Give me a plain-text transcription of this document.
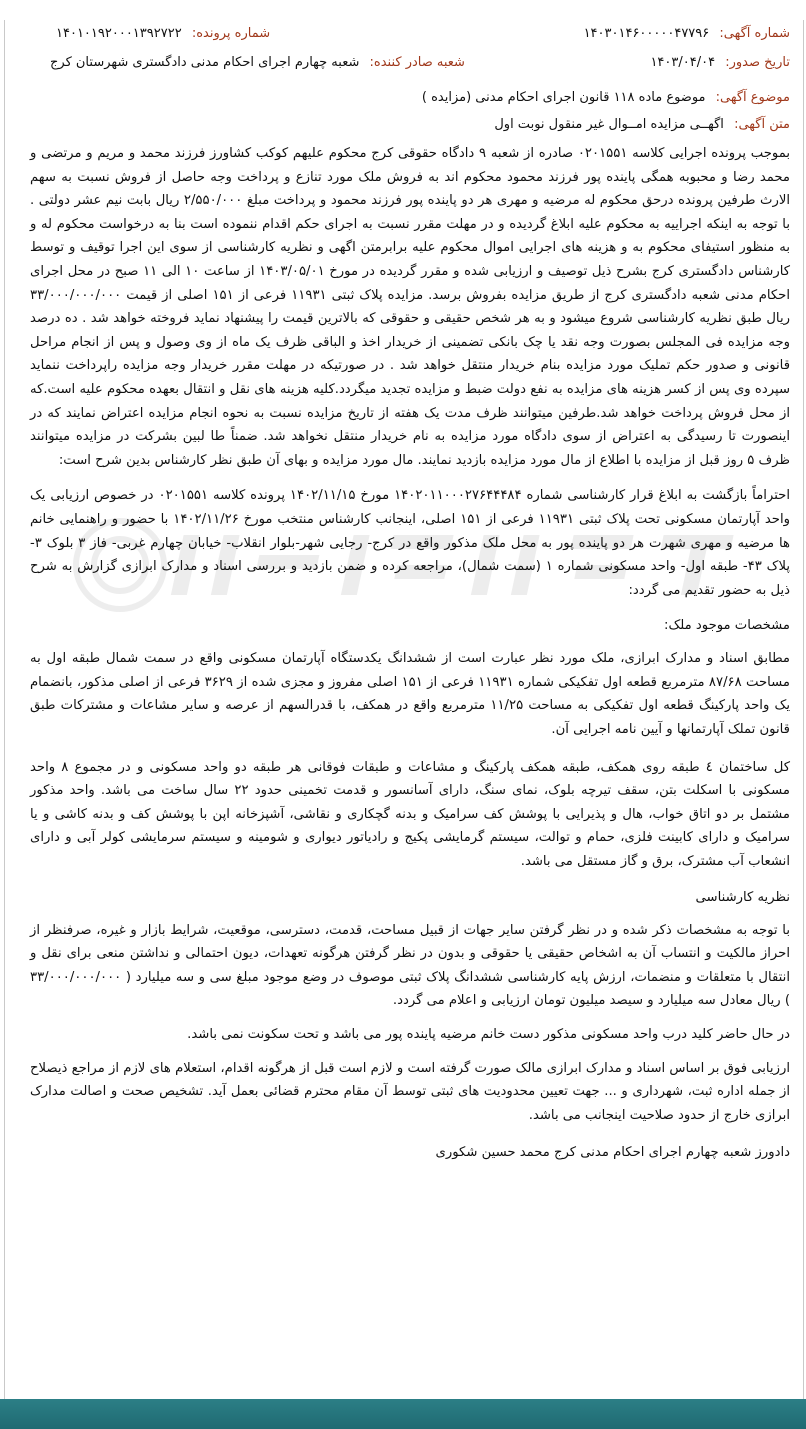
شماره آگهی: ۱۴۰۳۰۱۴۶۰۰۰۰۰۴۷۷۹۶
شماره پرونده: ۱۴۰۱۰۱۹۲۰۰۰۱۳۹۲۷۲۲
تاریخ صدور: ۱۴۰۳/۰۴/۰۴
شعبه صادر کننده: شعبه چهارم اجرای احکام مدنی دادگستری شهرستان کرج
موضوع آگهی: موضوع ماده ۱۱۸ قانون اجرای احکام مدنی (مزایده )
متن آگهی: اگهــی مزایده امــوال غیر منقول نوبت اول

بموجب پرونده اجرایی کلاسه ۰۲۰۱۵۵۱ صادره از شعبه ۹ دادگاه حقوقی کرج محکوم علیهم کوکب کشاورز فرزند محمد و مریم و مرتضی و محمد رضا و محبوبه همگی پاینده پور فرزند محمود محکوم اند به فروش ملک مورد تنازع و پرداخت وجه حاصل از فروش نسبت به سهم الارث طرفین پرونده درحق محکوم له مرضیه و مهری هر دو پاینده پور فرزند محمود و پرداخت مبلغ ۲/۵۵۰/۰۰۰ ریال بابت نیم عشر دولتی . با توجه به اینکه اجراییه به محکوم علیه ابلاغ گردیده و در مهلت مقرر نسبت به اجرای حکم اقدام ننموده است بنا به درخواست محکوم له و به منظور استیفای محکوم به و هزینه های اجرایی اموال محکوم علیه برابرمتن اگهی و نظریه کارشناسی از سوی این اجرا توقیف و توسط کارشناس دادگستری کرج بشرح ذیل توصیف و ارزیابی شده و مقرر گردیده در مورخ ۱۴۰۳/۰۵/۰۱ از ساعت ۱۰ الی ۱۱ صبح در محل اجرای احکام مدنی شعبه دادگستری کرج از طریق مزایده بفروش برسد. مزایده پلاک ثبتی ۱۱۹۳۱ فرعی از ۱۵۱ اصلی از قیمت ۳۳/۰۰۰/۰۰۰/۰۰۰ ریال طبق نظریه کارشناسی شروع میشود و به هر شخص حقیقی و حقوقی که بالاترین قیمت را پیشنهاد نماید فروخته خواهد شد . ده درصد وجه مزایده فی المجلس بصورت وجه نقد یا چک بانکی تضمینی از خریدار اخذ و الباقی ظرف یک ماه از وی وصول و پس از انجام مراحل قانونی و صدور حکم تملیک مورد مزایده بنام خریدار منتقل خواهد شد . در صورتیکه در مهلت مقرر خریدار وجه مزایده راپرداخت ننماید سپرده وی پس از کسر هزینه های مزایده به نفع دولت ضبط و مزایده تجدید میگردد.کلیه هزینه های نقل و انتقال بعهده محکوم علیه است.که از محل فروش پرداخت خواهد شد.طرفین میتوانند ظرف مدت یک هفته از تاریخ مزایده نسبت به نحوه انجام مزایده اعتراض نمایند که در اینصورت تا رسیدگی به اعتراض از سوی دادگاه مورد مزایده به نام خریدار منتقل نخواهد شد. ضمناً طا لبین بشرکت در مزایده میتوانند ظرف ۵ روز قبل از مزایده با اطلاع از مال مورد مزایده بازدید نمایند. مال مورد مزایده و بهای آن طبق نظر کارشناس بدین شرح است:

احتراماً بازگشت به ابلاغ قرار کارشناسی شماره ۱۴۰۲۰۱۱۰۰۰۲۷۶۴۴۴۸۴ مورخ ۱۴۰۲/۱۱/۱۵ پرونده کلاسه ۰۲۰۱۵۵۱ در خصوص ارزیابی یک واحد آپارتمان مسکونی تحت پلاک ثبتی ۱۱۹۳۱ فرعی از ۱۵۱ اصلی، اینجانب کارشناس منتخب مورخ ۱۴۰۲/۱۱/۲۶ با حضور و راهنمایی خانم ها مرضیه و مهری شهرت هر دو پاینده پور به محل ملک مذکور واقع در کرج- رجایی شهر-بلوار انقلاب- خیابان چهارم غربی- فاز ۳ بلوک ۳- پلاک ۴۳- طبقه اول- واحد مسکونی شماره ۱ (سمت شمال)، مراجعه کرده و ضمن بازدید و بررسی اسناد و مدارک ابرازی گزارش به شرح ذیل به حضور تقدیم می گردد:

مشخصات موجود ملک:

مطابق اسناد و مدارک ابرازی، ملک مورد نظر عبارت است از ششدانگ یکدستگاه آپارتمان مسکونی واقع در سمت شمال طبقه اول به مساحت ۸۷/۶۸ مترمربع قطعه اول تفکیکی شماره ۱۱۹۳۱ فرعی از ۱۵۱ اصلی مفروز و مجزی شده از ۳۶۲۹ فرعی از اصلی مذکور، بانضمام یک واحد پارکینگ قطعه اول تفکیکی به مساحت ۱۱/۲۵ مترمربع واقع در همکف، با قدرالسهم از عرصه و سایر مشاعات و مشترکات طبق قانون تملک آپارتمانها و آیین نامه اجرایی آن.

کل ساختمان ٤ طبقه روی همکف، طبقه همکف پارکینگ و مشاعات و طبقات فوقانی هر طبقه دو واحد مسکونی و در مجموع ۸ واحد مسکونی با اسکلت بتن، سقف تیرچه بلوک، نمای سنگ، دارای آسانسور و قدمت تخمینی حدود ۲۲ سال ساخت می باشد. واحد مذکور مشتمل بر دو اتاق خواب، هال و پذیرایی با پوشش کف سرامیک و بدنه گچکاری و نقاشی، آشپزخانه اپن با پوشش کف و بدنه کاشی و یا سرامیک و دارای کابینت فلزی، حمام و توالت، سیستم گرمایشی پکیج و رادیاتور دیواری و شومینه و سیستم سرمایشی کولر آبی و دارای انشعاب آب مشترک، برق و گاز مستقل می باشد.

نظریه کارشناسی

با توجه به مشخصات ذکر شده و در نظر گرفتن سایر جهات از قبیل مساحت، قدمت، دسترسی، موقعیت، شرایط بازار و غیره، صرفنظر از احراز مالکیت و انتساب آن به اشخاص حقیقی یا حقوقی و بدون در نظر گرفتن هرگونه تعهدات، دیون احتمالی و نداشتن منعی برای نقل و انتقال با متعلقات و منضمات، ارزش پایه کارشناسی ششدانگ پلاک ثبتی موصوف در وضع موجود مبلغ سی و سه میلیارد ( ۳۳/۰۰۰/۰۰۰/۰۰۰ ) ریال معادل سه میلیارد و سیصد میلیون تومان ارزیابی و اعلام می گردد.

در حال حاضر کلید درب واحد مسکونی مذکور دست خانم مرضیه پاینده پور می باشد و تحت سکونت نمی باشد.

ارزیابی فوق بر اساس اسناد و مدارک ابرازی مالک صورت گرفته است و لازم است قبل از هرگونه اقدام، استعلام های لازم از مراجع ذیصلاح از جمله اداره ثبت، شهرداری و ... جهت تعیین محدودیت های ثبتی توسط آن مقام محترم قضائی بعمل آید. تشخیص صحت و اصالت مدارک ابرازی خارج از حدود صلاحیت اینجانب می باشد.

دادورز شعبه چهارم اجرای احکام مدنی کرج محمد حسین شکوری
